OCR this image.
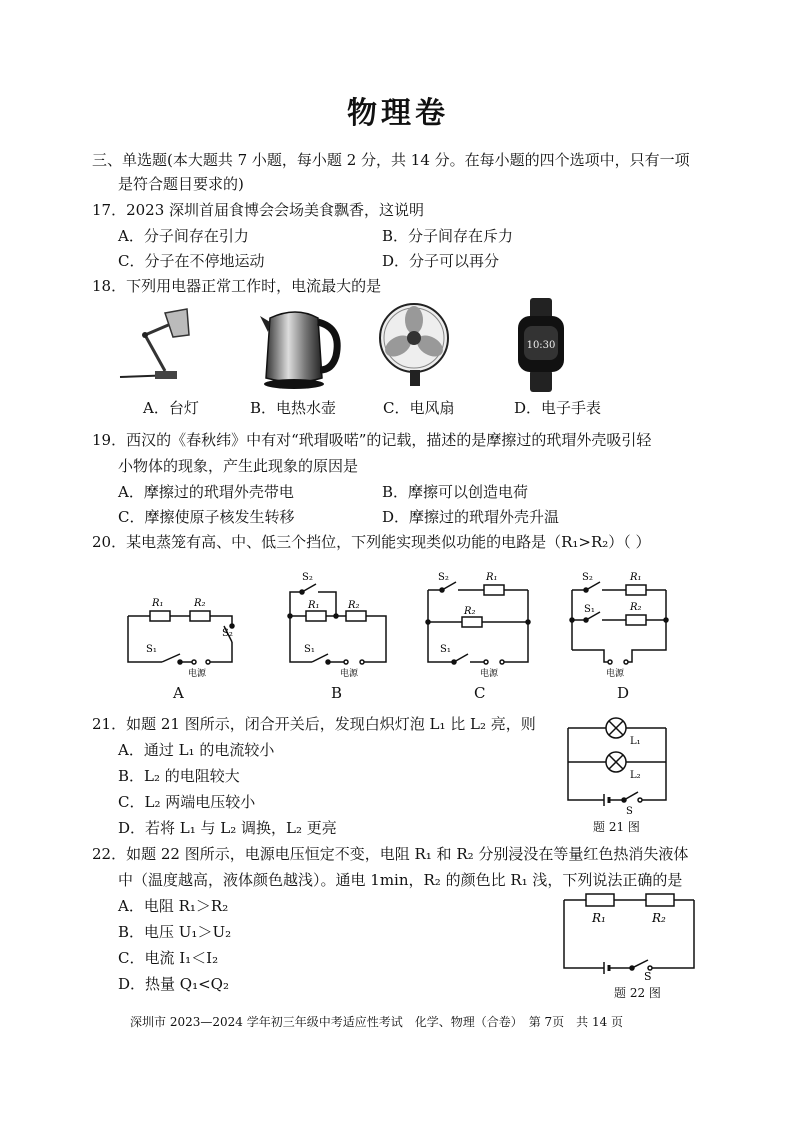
物理卷
三、单选题(本大题共 7 小题，每小题 2 分，共 14 分。在每小题的四个选项中，只有一项
是符合题目要求的)
17．2023 深圳首届食博会会场美食飘香，这说明
A．分子间存在引力	B．分子间存在斥力
C．分子在不停地运动	D．分子可以再分
18．下列用电器正常工作时，电流最大的是
10:30
A．台灯	B．电热水壶	C．电风扇	D．电子手表
19．西汉的《春秋纬》中有对“玳瑁吸喏”的记载，描述的是摩擦过的玳瑁外壳吸引轻
小物体的现象，产生此现象的原因是
A．摩擦过的玳瑁外壳带电	B．摩擦可以创造电荷
C．摩擦使原子核发生转移	D．摩擦过的玳瑁外壳升温
20．某电蒸笼有高、中、低三个挡位，下列能实现类似功能的电路是（R₁>R₂）（ ）
R₁	R₂
S₁
S₂
电源
A
S₂
R₁	R₂
S₁
电源
B
S₂	R₁
R₂
S₁
电源
C
S₂	R₁
S₁	R₂
电源
D
21．如题 21 图所示，闭合开关后，发现白炽灯泡 L₁ 比 L₂ 亮，则
A．通过 L₁ 的电流较小
B．L₂ 的电阻较大
C．L₂ 两端电压较小
D．若将 L₁ 与 L₂ 调换，L₂ 更亮
L₁
L₂
S
题 21 图
22．如题 22 图所示，电源电压恒定不变，电阻 R₁ 和 R₂ 分别浸没在等量红色热消失液体
中（温度越高，液体颜色越浅）。通电 1min，R₂ 的颜色比 R₁ 浅，下列说法正确的是
A．电阻 R₁＞R₂
B．电压 U₁＞U₂
C．电流 I₁＜I₂
D．热量 Q₁<Q₂
R₁	R₂
S
题 22 图
深圳市 2023—2024 学年初三年级中考适应性考试　化学、物理（合卷）　第 7页　共 14 页
